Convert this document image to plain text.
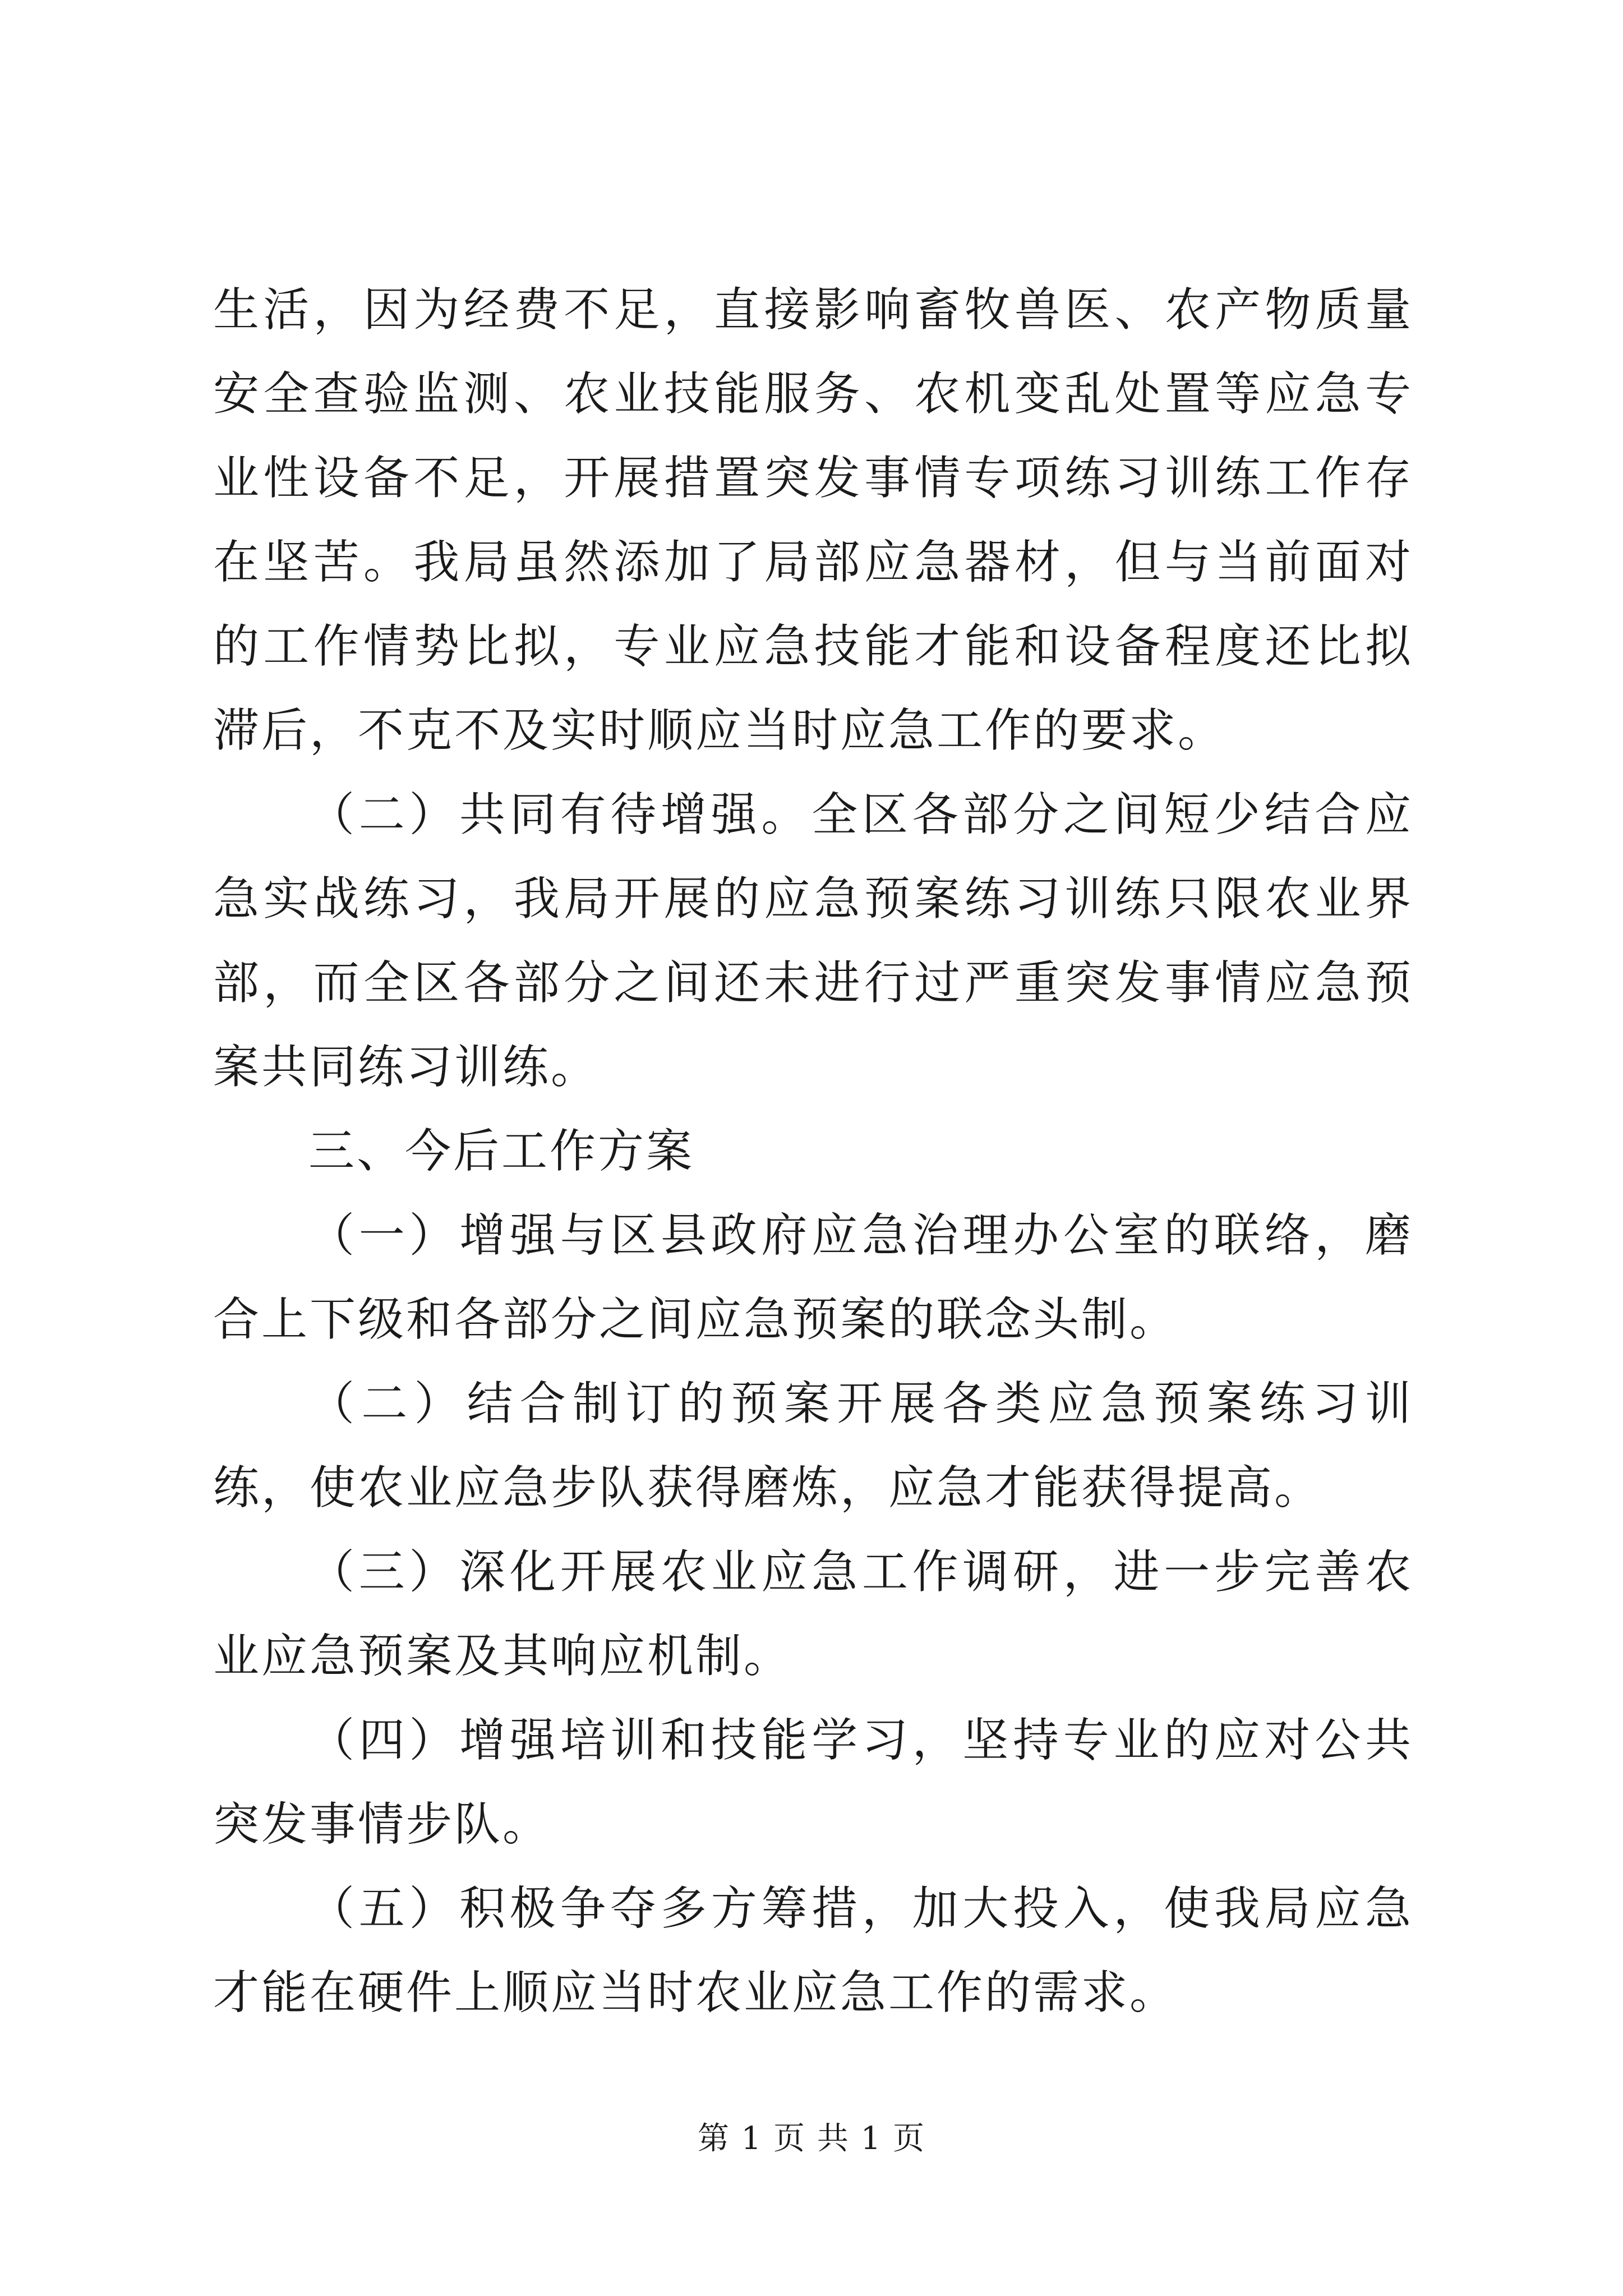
生活，因为经费不足，直接影响畜牧兽医、农产物质量安全查验监测、农业技能服务、农机变乱处置等应急专业性设备不足，开展措置突发事情专项练习训练工作存在坚苦。我局虽然添加了局部应急器材，但与当前面对的工作情势比拟，专业应急技能才能和设备程度还比拟滞后，不克不及实时顺应当时应急工作的要求。

（二）共同有待增强。全区各部分之间短少结合应急实战练习，我局开展的应急预案练习训练只限农业界部，而全区各部分之间还未进行过严重突发事情应急预案共同练习训练。

三、今后工作方案

（一）增强与区县政府应急治理办公室的联络，磨合上下级和各部分之间应急预案的联念头制。

（二）结合制订的预案开展各类应急预案练习训练，使农业应急步队获得磨炼，应急才能获得提高。

（三）深化开展农业应急工作调研，进一步完善农业应急预案及其响应机制。

（四）增强培训和技能学习，坚持专业的应对公共突发事情步队。

（五）积极争夺多方筹措，加大投入，使我局应急才能在硬件上顺应当时农业应急工作的需求。

第 1 页 共 1 页
